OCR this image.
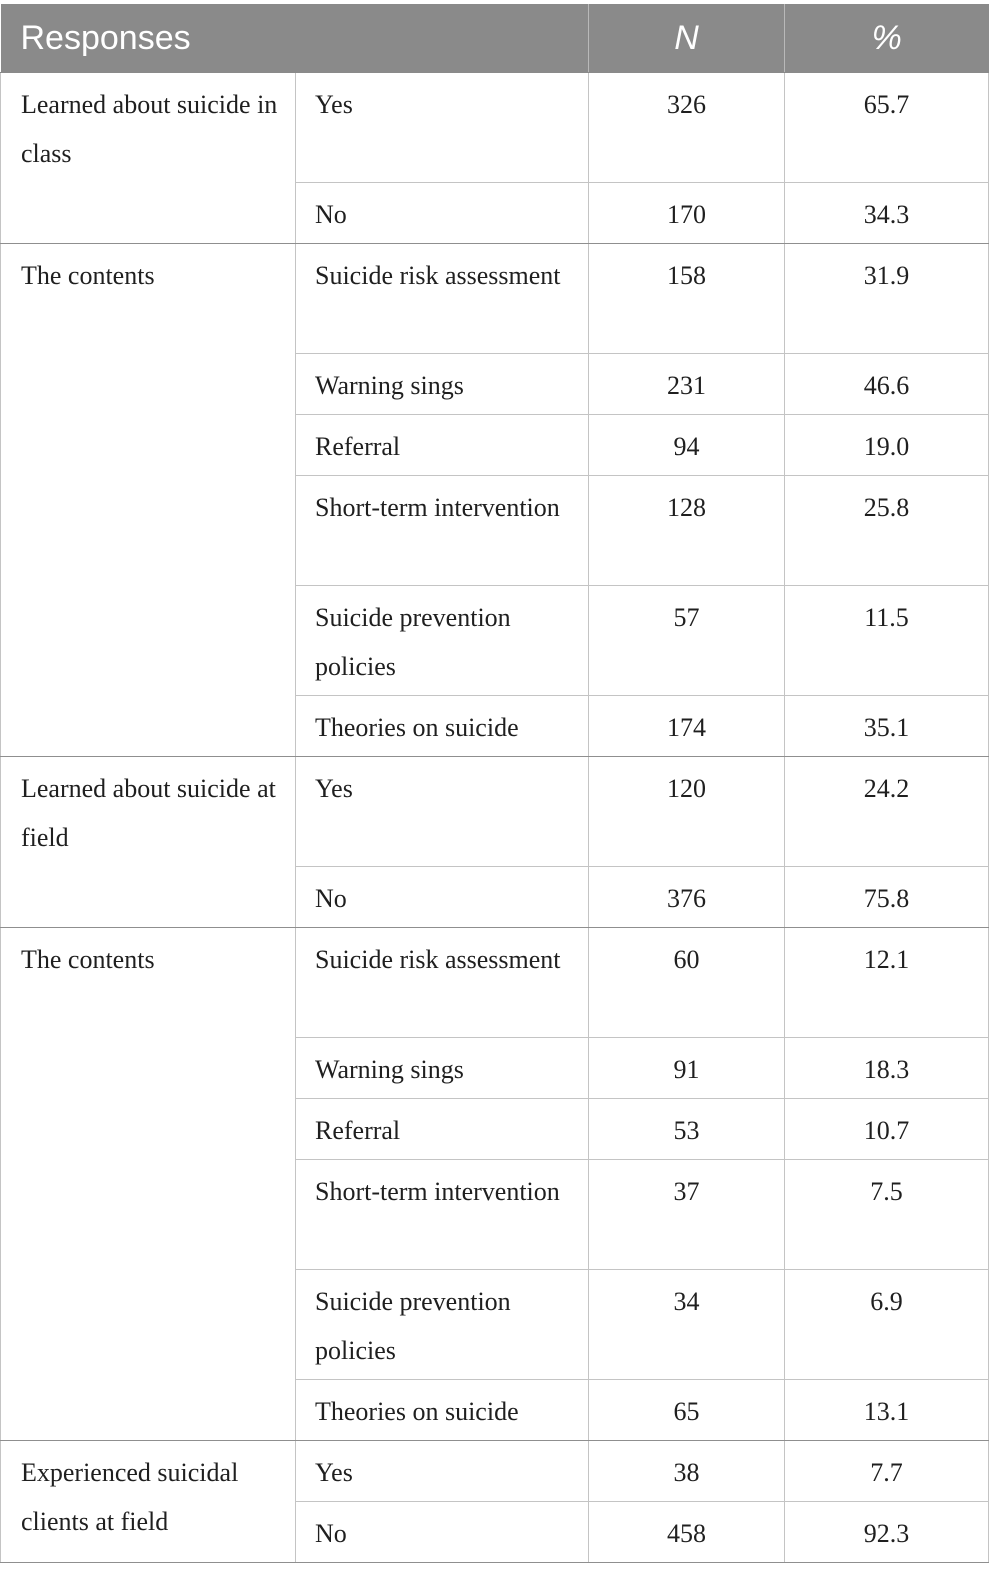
Responses		N	%
Learned about suicide in class	Yes	326	65.7
	No	170	34.3
The contents	Suicide risk assessment	158	31.9
	Warning sings	231	46.6
	Referral	94	19.0
	Short-term intervention	128	25.8
	Suicide prevention policies	57	11.5
	Theories on suicide	174	35.1
Learned about suicide at field	Yes	120	24.2
	No	376	75.8
The contents	Suicide risk assessment	60	12.1
	Warning sings	91	18.3
	Referral	53	10.7
	Short-term intervention	37	7.5
	Suicide prevention policies	34	6.9
	Theories on suicide	65	13.1
Experienced suicidal clients at field	Yes	38	7.7
	No	458	92.3
